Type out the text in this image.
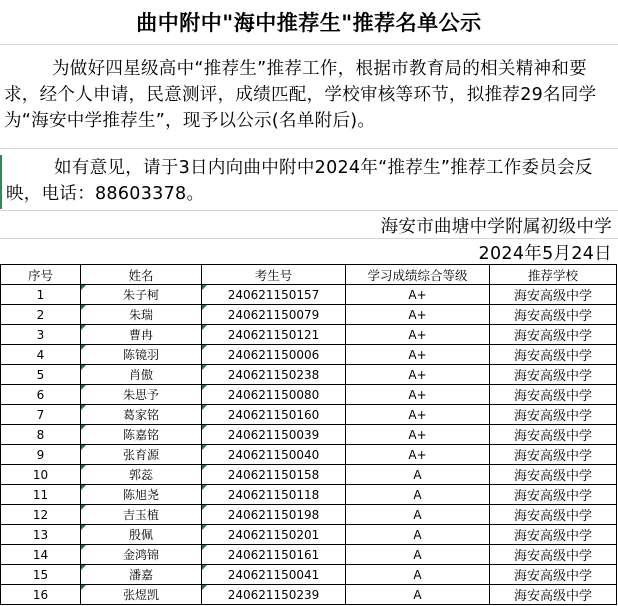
曲中附中"海中推荐生"推荐名单公示
为做好四星级高中“推荐生”推荐工作，根据市教育局的相关精神和要求，经个人申请，民意测评，成绩匹配，学校审核等环节，拟推荐29名同学为“海安中学推荐生”，现予以公示(名单附后)。
如有意见，请于3日内向曲中附中2024年“推荐生”推荐工作委员会反映，电话：88603378。
海安市曲塘中学附属初级中学
2024年5月24日
序号	姓名	考生号	学习成绩综合等级	推荐学校
1	朱子柯	240621150157	A+	海安高级中学
2	朱瑞	240621150079	A+	海安高级中学
3	曹冉	240621150121	A+	海安高级中学
4	陈镜羽	240621150006	A+	海安高级中学
5	肖傲	240621150238	A+	海安高级中学
6	朱思予	240621150080	A+	海安高级中学
7	葛家铭	240621150160	A+	海安高级中学
8	陈嘉铭	240621150039	A+	海安高级中学
9	张育源	240621150040	A+	海安高级中学
10	郭蕊	240621150158	A	海安高级中学
11	陈旭尧	240621150118	A	海安高级中学
12	吉玉植	240621150198	A	海安高级中学
13	殷佩	240621150201	A	海安高级中学
14	金鸿锦	240621150161	A	海安高级中学
15	潘嘉	240621150041	A	海安高级中学
16	张煜凯	240621150239	A	海安高级中学
